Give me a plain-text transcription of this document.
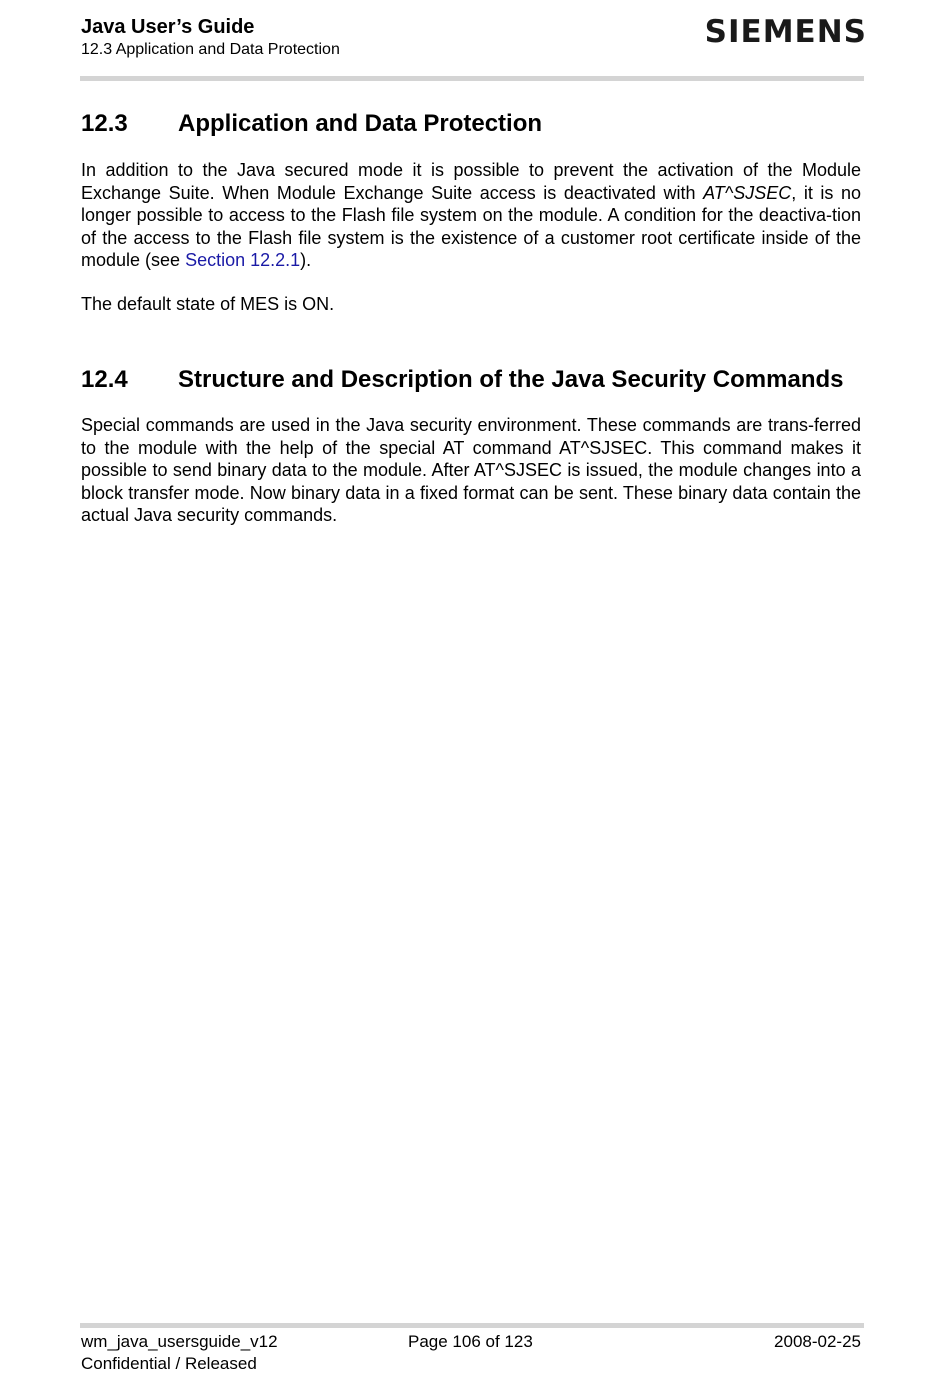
Java User’s Guide
12.3 Application and Data Protection	SIEMENS
12.3 Application and Data Protection

In addition to the Java secured mode it is possible to prevent the activation of the Module Exchange Suite. When Module Exchange Suite access is deactivated with AT^SJSEC, it is no longer possible to access to the Flash file system on the module. A condition for the deactiva-tion of the access to the Flash file system is the existence of a customer root certificate inside of the module (see Section 12.2.1).

The default state of MES is ON.

12.4 Structure and Description of the Java Security Commands

Special commands are used in the Java security environment. These commands are trans-ferred to the module with the help of the special AT command AT^SJSEC. This command makes it possible to send binary data to the module. After AT^SJSEC is issued, the module changes into a block transfer mode. Now binary data in a fixed format can be sent. These binary data contain the actual Java security commands.

wm_java_usersguide_v12
Confidential / Released
Page 106 of 123	2008-02-25
